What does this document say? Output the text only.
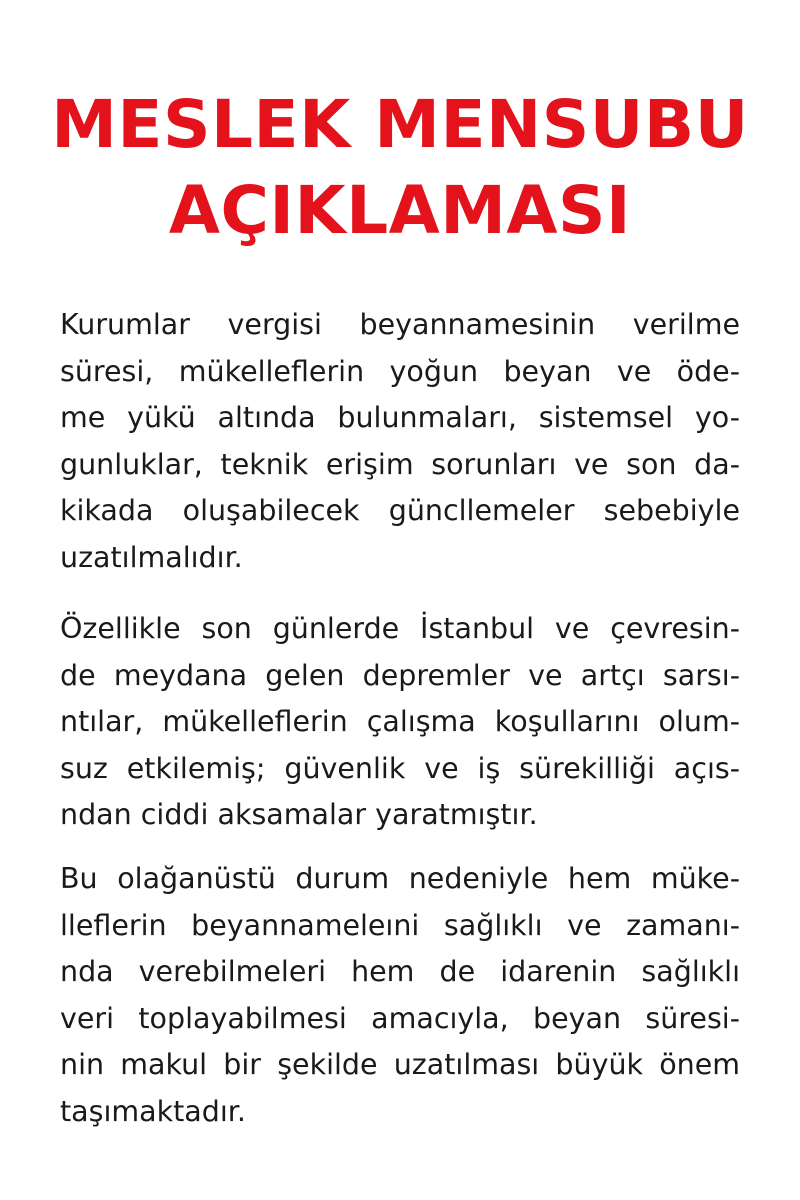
MESLEK MENSUBU
AÇIKLAMASI
Kurumlar vergisi beyannamesinin verilme
süresi, mükelleflerin yoğun beyan ve öde-
me yükü altında bulunmaları, sistemsel yo-
gunluklar, teknik erişim sorunları ve son da-
kikada oluşabilecek güncllemeler sebebiyle
uzatılmalıdır.
Özellikle son günlerde İstanbul ve çevresin-
de meydana gelen depremler ve artçı sarsı-
ntılar, mükelleflerin çalışma koşullarını olum-
suz etkilemiş; güvenlik ve iş sürekilliği açıs-
ndan ciddi aksamalar yaratmıştır.
Bu olağanüstü durum nedeniyle hem müke-
lleflerin beyannameleıni sağlıklı ve zamanı-
nda verebilmeleri hem de idarenin sağlıklı
veri toplayabilmesi amacıyla, beyan süresi-
nin makul bir şekilde uzatılması büyük önem
taşımaktadır.
